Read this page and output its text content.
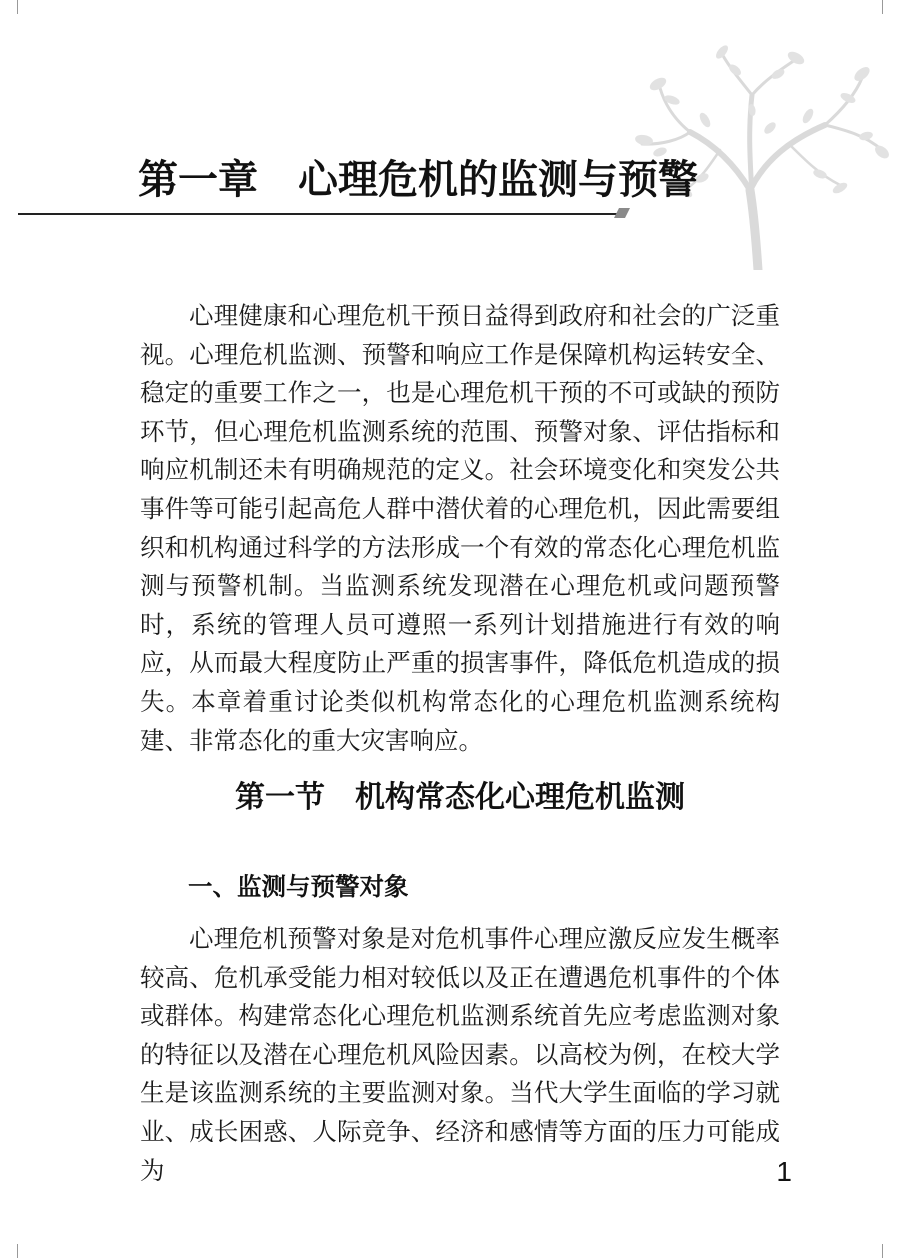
第一章　心理危机的监测与预警

心理健康和心理危机干预日益得到政府和社会的广泛重视。心理危机监测、预警和响应工作是保障机构运转安全、稳定的重要工作之一，也是心理危机干预的不可或缺的预防环节，但心理危机监测系统的范围、预警对象、评估指标和响应机制还未有明确规范的定义。社会环境变化和突发公共事件等可能引起高危人群中潜伏着的心理危机，因此需要组织和机构通过科学的方法形成一个有效的常态化心理危机监测与预警机制。当监测系统发现潜在心理危机或问题预警时，系统的管理人员可遵照一系列计划措施进行有效的响应，从而最大程度防止严重的损害事件，降低危机造成的损失。本章着重讨论类似机构常态化的心理危机监测系统构建、非常态化的重大灾害响应。

第一节　机构常态化心理危机监测
一、监测与预警对象

心理危机预警对象是对危机事件心理应激反应发生概率较高、危机承受能力相对较低以及正在遭遇危机事件的个体或群体。构建常态化心理危机监测系统首先应考虑监测对象的特征以及潜在心理危机风险因素。以高校为例，在校大学生是该监测系统的主要监测对象。当代大学生面临的学习就业、成长困惑、人际竞争、经济和感情等方面的压力可能成为	1
